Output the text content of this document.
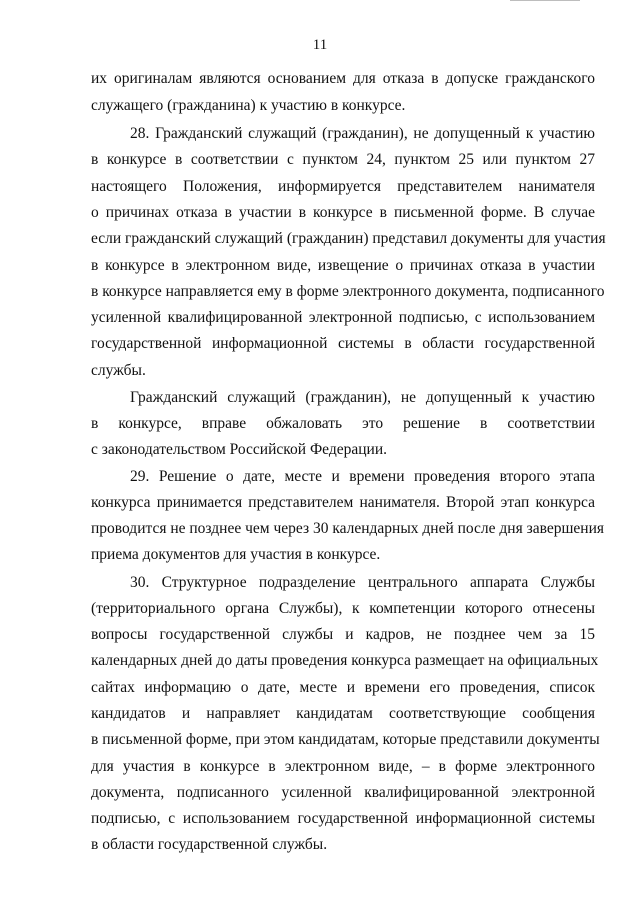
11
их оригиналам являются основанием для отказа в допуске гражданского
служащего (гражданина) к участию в конкурсе.
28. Гражданский служащий (гражданин), не допущенный к участию
в конкурсе в соответствии с пунктом 24, пунктом 25 или пунктом 27
настоящего Положения, информируется представителем нанимателя
о причинах отказа в участии в конкурсе в письменной форме. В случае
если гражданский служащий (гражданин) представил документы для участия
в конкурсе в электронном виде, извещение о причинах отказа в участии
в конкурсе направляется ему в форме электронного документа, подписанного
усиленной квалифицированной электронной подписью, с использованием
государственной информационной системы в области государственной
службы.
Гражданский служащий (гражданин), не допущенный к участию
в конкурсе, вправе обжаловать это решение в соответствии
с законодательством Российской Федерации.
29. Решение о дате, месте и времени проведения второго этапа
конкурса принимается представителем нанимателя. Второй этап конкурса
проводится не позднее чем через 30 календарных дней после дня завершения
приема документов для участия в конкурсе.
30. Структурное подразделение центрального аппарата Службы
(территориального органа Службы), к компетенции которого отнесены
вопросы государственной службы и кадров, не позднее чем за 15
календарных дней до даты проведения конкурса размещает на официальных
сайтах информацию о дате, месте и времени его проведения, список
кандидатов и направляет кандидатам соответствующие сообщения
в письменной форме, при этом кандидатам, которые представили документы
для участия в конкурсе в электронном виде, – в форме электронного
документа, подписанного усиленной квалифицированной электронной
подписью, с использованием государственной информационной системы
в области государственной службы.
